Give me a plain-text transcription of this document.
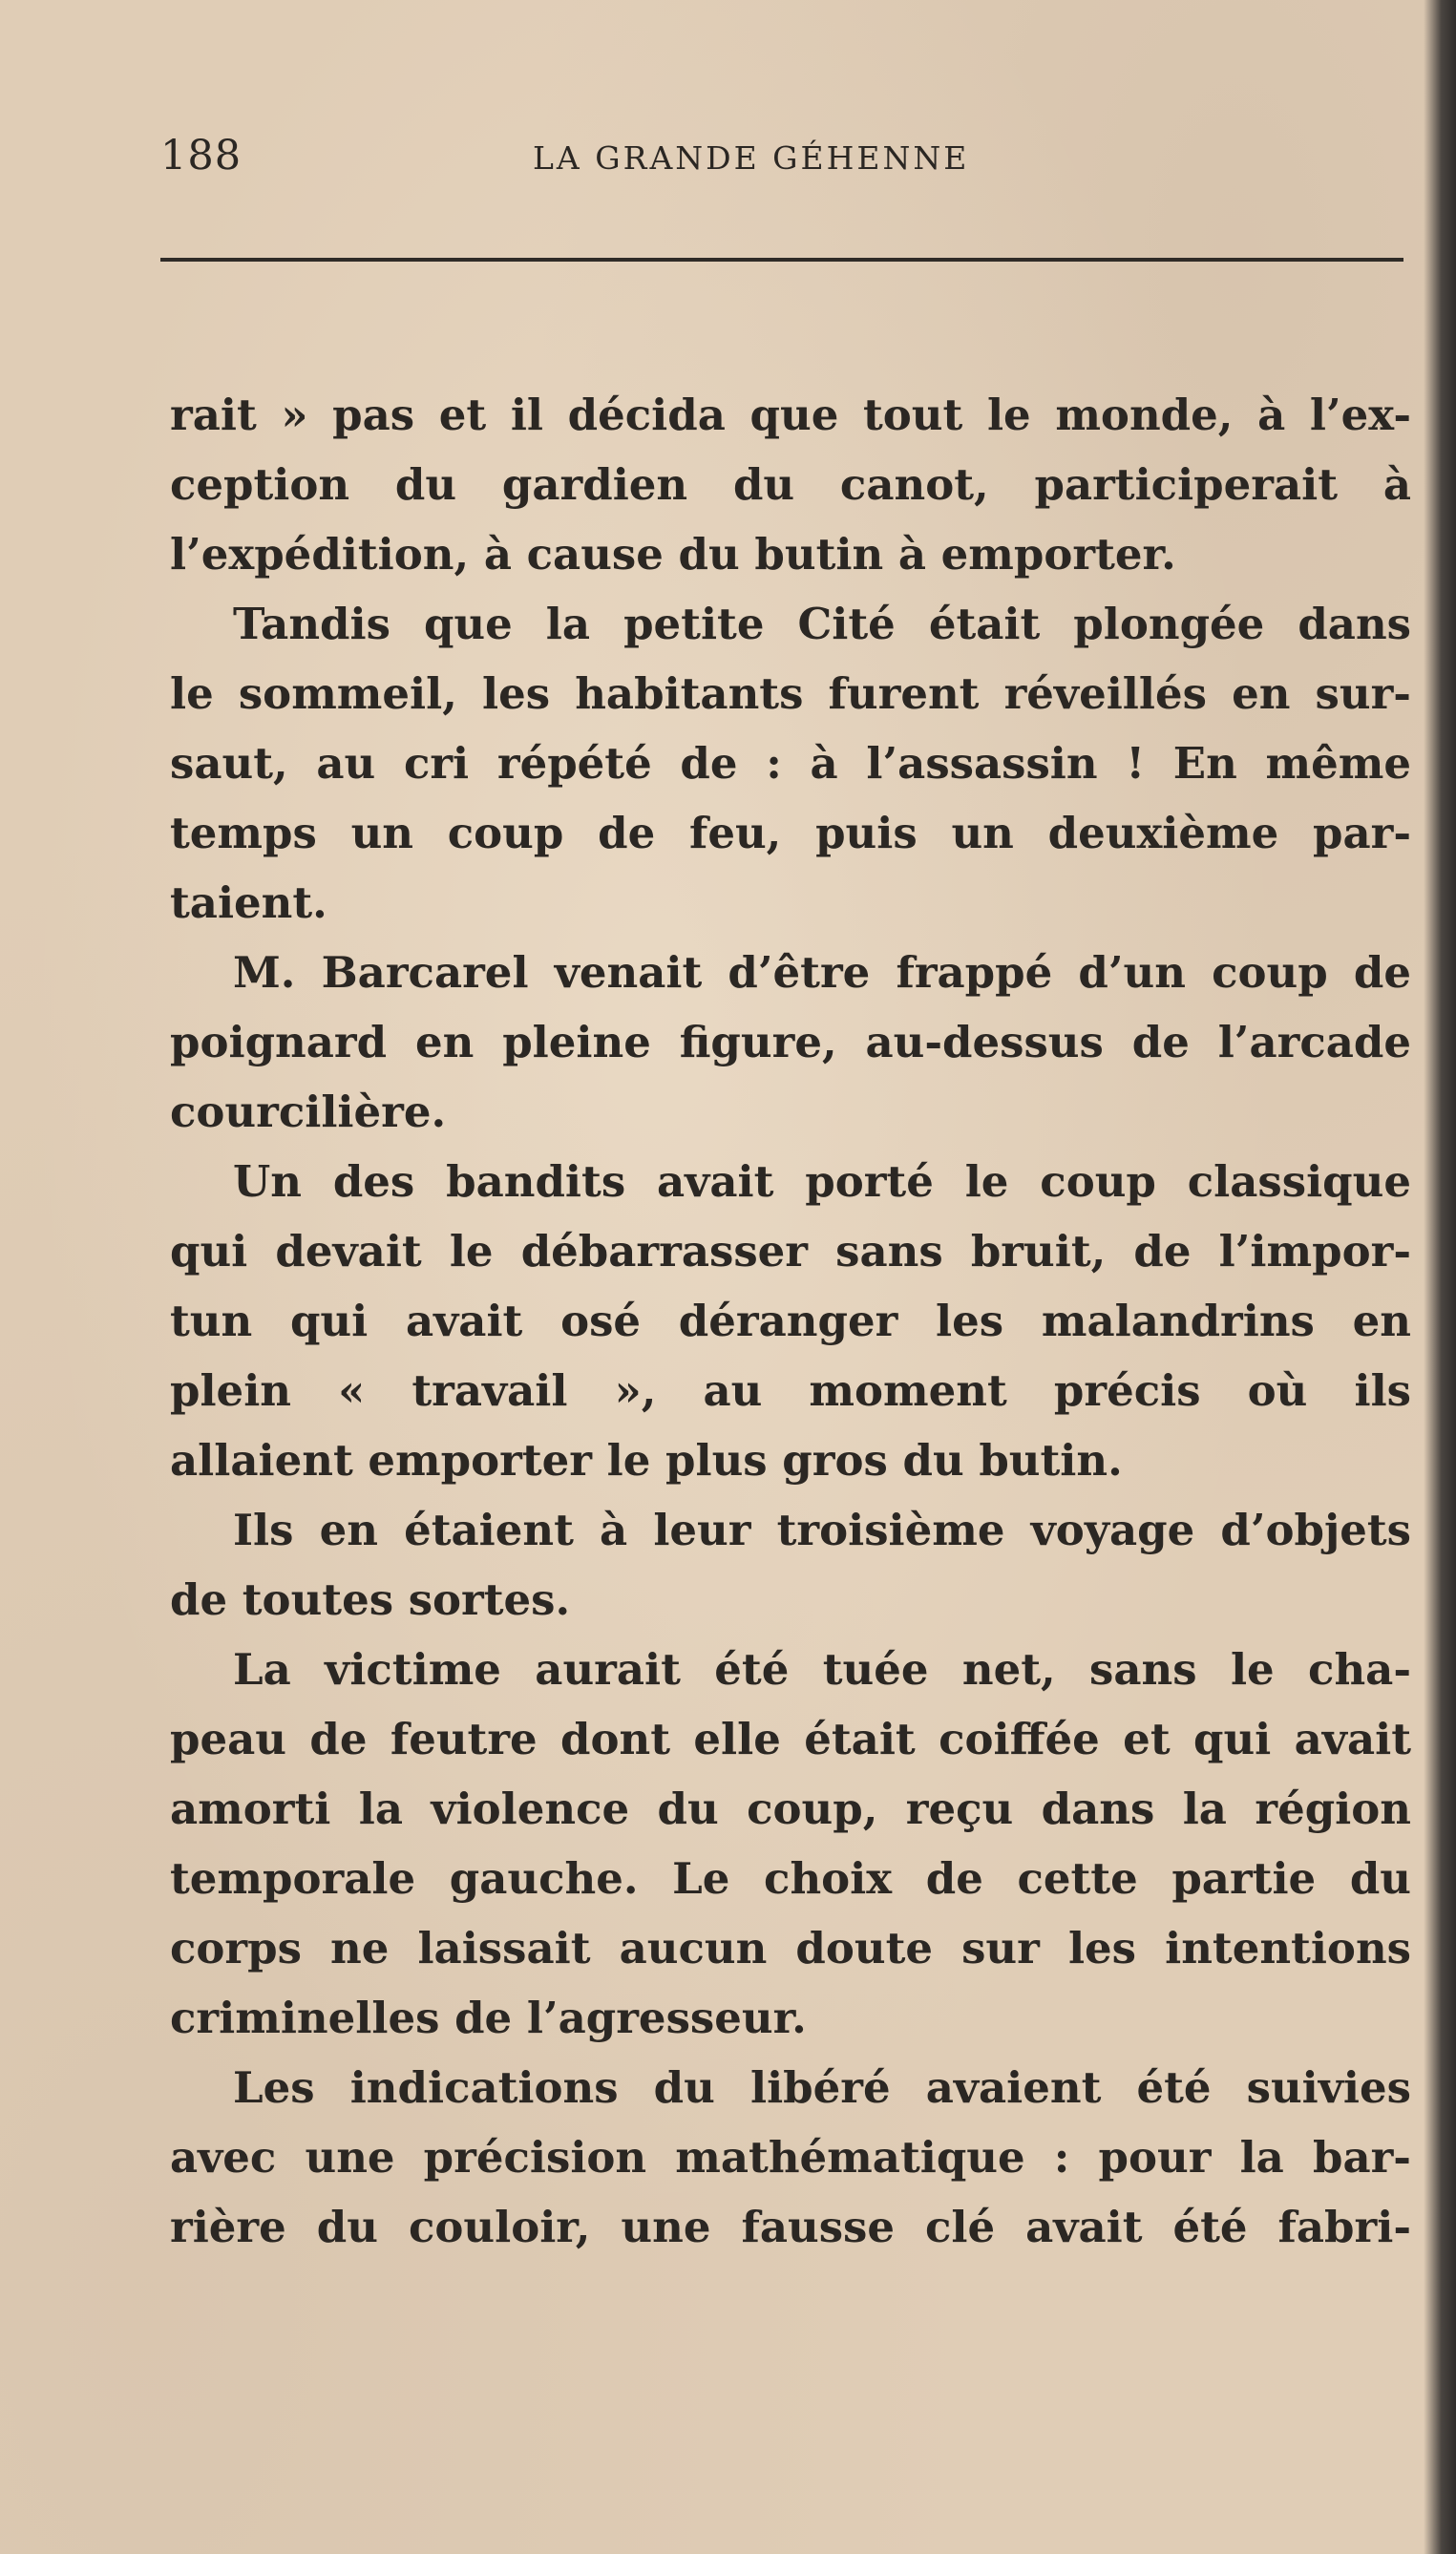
188	LA GRANDE GÉHENNE
rait » pas et il décida que tout le monde, à l’ex-
ception du gardien du canot, participerait à
l’expédition, à cause du butin à emporter.
Tandis que la petite Cité était plongée dans
le sommeil, les habitants furent réveillés en sur-
saut, au cri répété de : à l’assassin ! En même
temps un coup de feu, puis un deuxième par-
taient.
M. Barcarel venait d’être frappé d’un coup de
poignard en pleine figure, au-dessus de l’arcade
courcilière.
Un des bandits avait porté le coup classique
qui devait le débarrasser sans bruit, de l’impor-
tun qui avait osé déranger les malandrins en
plein « travail », au moment précis où ils
allaient emporter le plus gros du butin.
Ils en étaient à leur troisième voyage d’objets
de toutes sortes.
La victime aurait été tuée net, sans le cha-
peau de feutre dont elle était coiffée et qui avait
amorti la violence du coup, reçu dans la région
temporale gauche. Le choix de cette partie du
corps ne laissait aucun doute sur les intentions
criminelles de l’agresseur.
Les indications du libéré avaient été suivies
avec une précision mathématique : pour la bar-
rière du couloir, une fausse clé avait été fabri-
